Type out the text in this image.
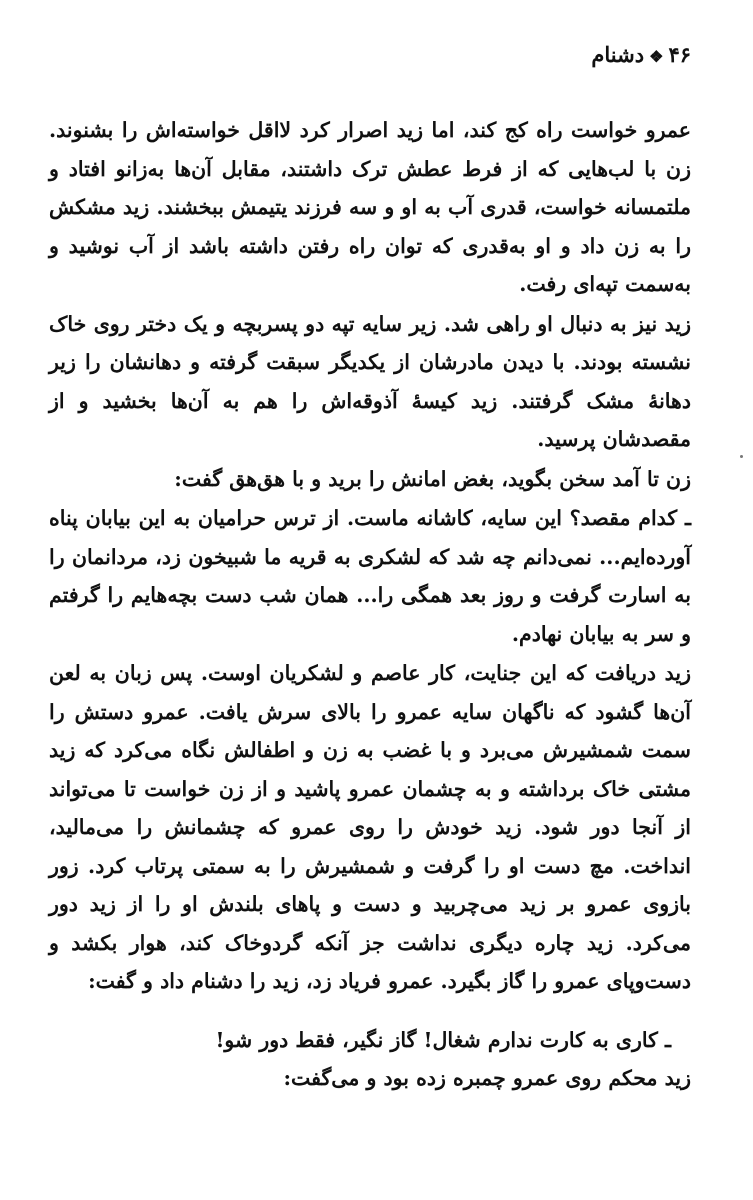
۴۶❖دشنام

عمرو خواست راه کج کند، اما زید اصرار کرد لااقل خواسته‌اش را بشنوند. زن با لب‌هایی که از فرط عطش ترک داشتند، مقابل آن‌ها به‌زانو افتاد و ملتمسانه خواست، قدری آب به او و سه فرزند یتیمش ببخشند. زید مشکش را به زن داد و او به‌قدری که توان راه رفتن داشته باشد از آب نوشید و به‌سمت تپه‌ای رفت.

زید نیز به دنبال او راهی شد. زیر سایه تپه دو پسربچه و یک دختر روی خاک نشسته بودند. با دیدن مادرشان از یکدیگر سبقت گرفته و دهانشان را زیر دهانهٔ مشک گرفتند. زید کیسهٔ آذوقه‌اش را هم به آن‌ها بخشید و از مقصدشان پرسید.

زن تا آمد سخن بگوید، بغض امانش را برید و با هق‌هق گفت:

ـ کدام مقصد؟ این سایه، کاشانه ماست. از ترس حرامیان به این بیابان پناه آورده‌ایم... نمی‌دانم چه شد که لشکری به قریه ما شبیخون زد، مردانمان را به اسارت گرفت و روز بعد همگی را... همان شب دست بچه‌هایم را گرفتم و سر به بیابان نهادم.

زید دریافت که این جنایت، کار عاصم و لشکریان اوست. پس زبان به لعن آن‌ها گشود که ناگهان سایه عمرو را بالای سرش یافت. عمرو دستش را سمت شمشیرش می‌برد و با غضب به زن و اطفالش نگاه می‌کرد که زید مشتی خاک برداشته و به چشمان عمرو پاشید و از زن خواست تا می‌تواند از آنجا دور شود. زید خودش را روی عمرو که چشمانش را می‌مالید، انداخت. مچ دست او را گرفت و شمشیرش را به سمتی پرتاب کرد. زور بازوی عمرو بر زید می‌چربید و دست و پاهای بلندش او را از زید دور می‌کرد. زید چاره دیگری نداشت جز آنکه گردوخاک کند، هوار بکشد و دست‌وپای عمرو را گاز بگیرد. عمرو فریاد زد، زید را دشنام داد و گفت:

ـ کاری به کارت ندارم شغال! گاز نگیر، فقط دور شو!

زید محکم روی عمرو چمبره زده بود و می‌گفت:
